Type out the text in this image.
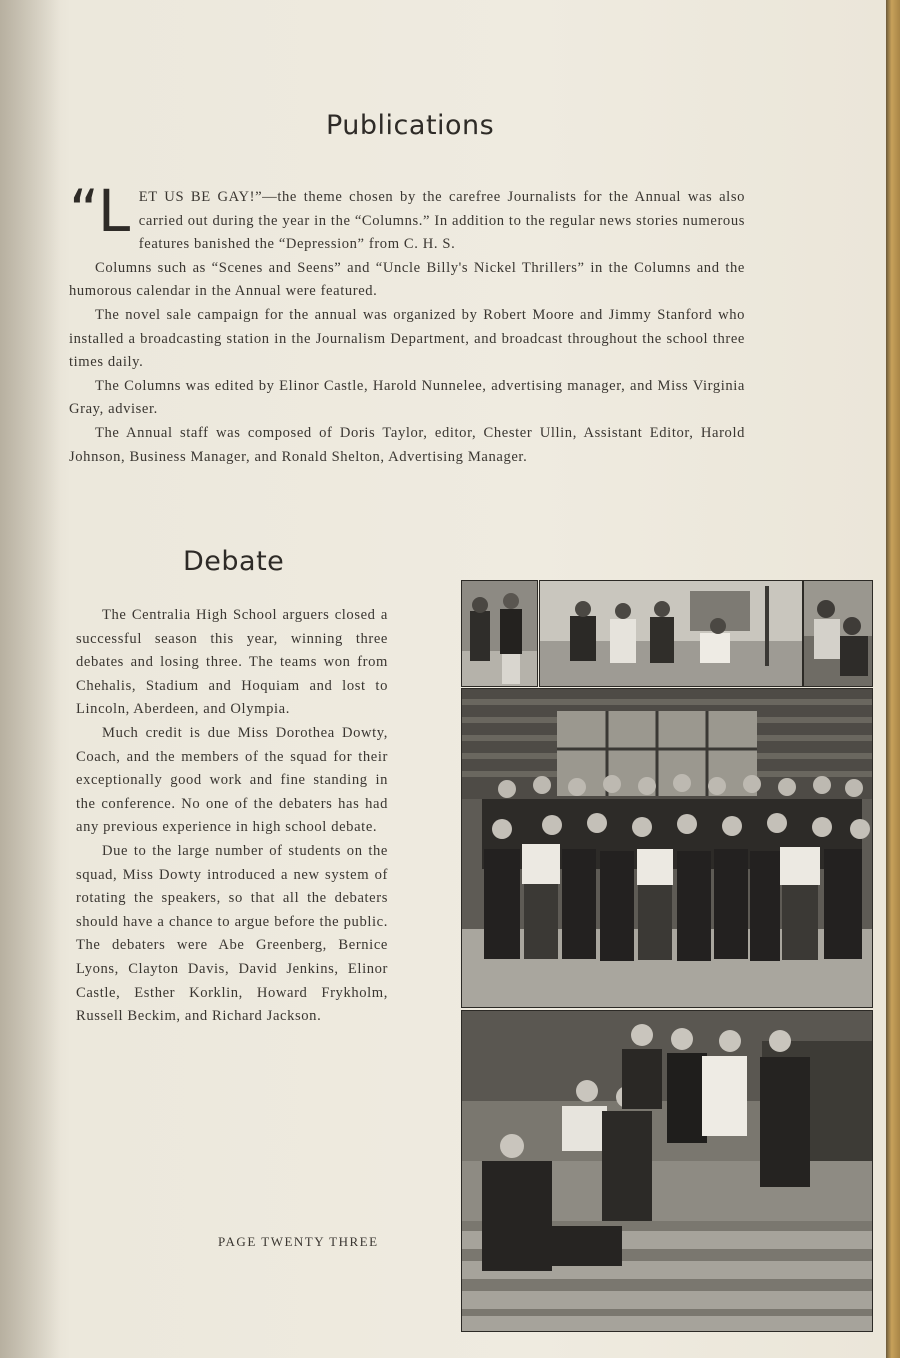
Publications

“LET US BE GAY!”—the theme chosen by the carefree Journalists for the Annual was also carried out during the year in the “Columns.” In addition to the regular news stories numerous features banished the “Depression” from C. H. S.

Columns such as “Scenes and Seens” and “Uncle Billy's Nickel Thrillers” in the Columns and the humorous calendar in the Annual were featured.

The novel sale campaign for the annual was organized by Robert Moore and Jimmy Stanford who installed a broadcasting station in the Journalism Department, and broadcast throughout the school three times daily.

The Columns was edited by Elinor Castle, Harold Nunnelee, advertising manager, and Miss Virginia Gray, adviser.

The Annual staff was composed of Doris Taylor, editor, Chester Ullin, Assistant Editor, Harold Johnson, Business Manager, and Ronald Shelton, Advertising Manager.

Debate

The Centralia High School arguers closed a successful season this year, winning three debates and losing three. The teams won from Chehalis, Stadium and Hoquiam and lost to Lincoln, Aberdeen, and Olympia.

Much credit is due Miss Dorothea Dowty, Coach, and the members of the squad for their exceptionally good work and fine standing in the conference. No one of the debaters has had any previous experience in high school debate.

Due to the large number of students on the squad, Miss Dowty introduced a new system of rotating the speakers, so that all the debaters should have a chance to argue before the public. The debaters were Abe Greenberg, Bernice Lyons, Clayton Davis, David Jenkins, Elinor Castle, Esther Korklin, Howard Frykholm, Russell Beckim, and Richard Jackson.

PAGE TWENTY THREE
